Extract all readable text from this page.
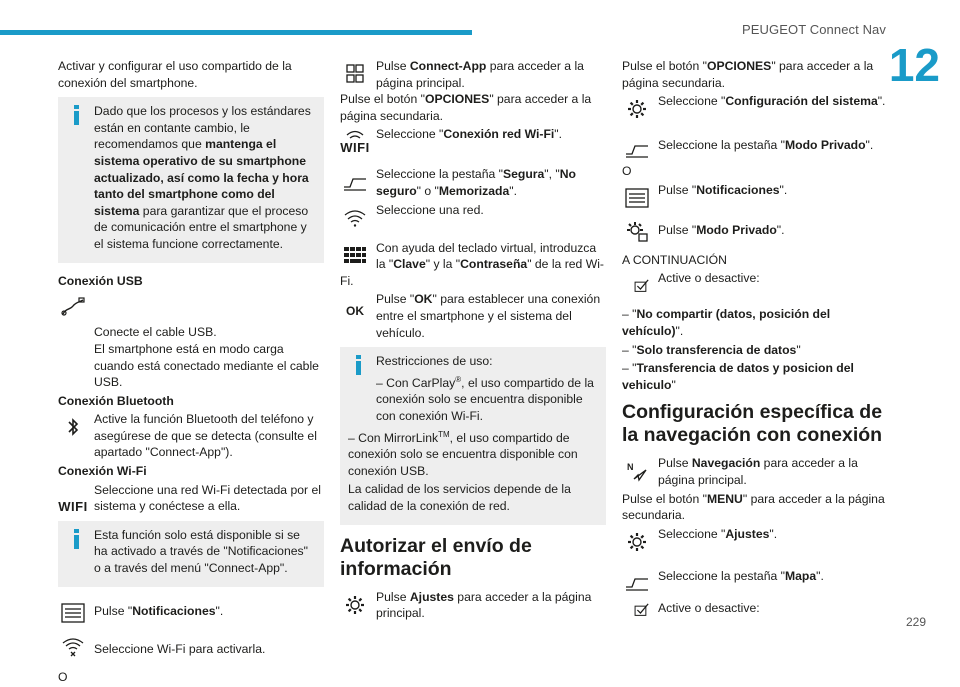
PEUGEOT Connect Nav
12
229

Activar y configurar el uso compartido de la conexión del smartphone.

Dado que los procesos y los estándares están en contante cambio, le recomendamos que mantenga el sistema operativo de su smartphone actualizado, así como la fecha y hora tanto del smartphone como del sistema para garantizar que el proceso de comunicación entre el smartphone y el sistema funcione correctamente.

Conexión USB

Conecte el cable USB.
El smartphone está en modo carga cuando está conectado mediante el cable USB.

Conexión Bluetooth

Active la función Bluetooth del teléfono y asegúrese de que se detecta (consulte el apartado "Connect-App").

Conexión Wi-Fi

WIFI
Seleccione una red Wi-Fi detectada por el sistema y conéctese a ella.

Esta función solo está disponible si se ha activado a través de "Notificaciones" o a través del menú "Connect-App".

Pulse "Notificaciones".
Seleccione Wi-Fi para activarla.

O

Pulse Connect-App para acceder a la página principal.

Pulse el botón "OPCIONES" para acceder a la página secundaria.

WIFI
Seleccione "Conexión red Wi-Fi".
Seleccione la pestaña "Segura", "No seguro" o "Memorizada".
Seleccione una red.
Con ayuda del teclado virtual, introduzca la "Clave" y la "Contraseña" de la red Wi-Fi.
OK
Pulse "OK" para establecer una conexión entre el smartphone y el sistema del vehículo.

Restricciones de uso:

– Con CarPlay®, el uso compartido de la conexión solo se encuentra disponible con conexión Wi-Fi.

– Con MirrorLink™, el uso compartido de conexión solo se encuentra disponible con conexión USB.

La calidad de los servicios depende de la calidad de la conexión de red.

Autorizar el envío de información
Pulse Ajustes para acceder a la página principal.

Pulse el botón "OPCIONES" para acceder a la página secundaria.

Seleccione "Configuración del sistema".
Seleccione la pestaña "Modo Privado".

O

Pulse "Notificaciones".
Pulse "Modo Privado".

A CONTINUACIÓN

Active o desactive:

– "No compartir (datos, posición del vehículo)".

– "Solo transferencia de datos"

– "Transferencia de datos y posicion del vehiculo"

Configuración específica de la navegación con conexión
N Pulse Navegación para acceder a la página principal.

Pulse el botón "MENU" para acceder a la página secundaria.

Seleccione "Ajustes".
Seleccione la pestaña "Mapa".
Active o desactive:
